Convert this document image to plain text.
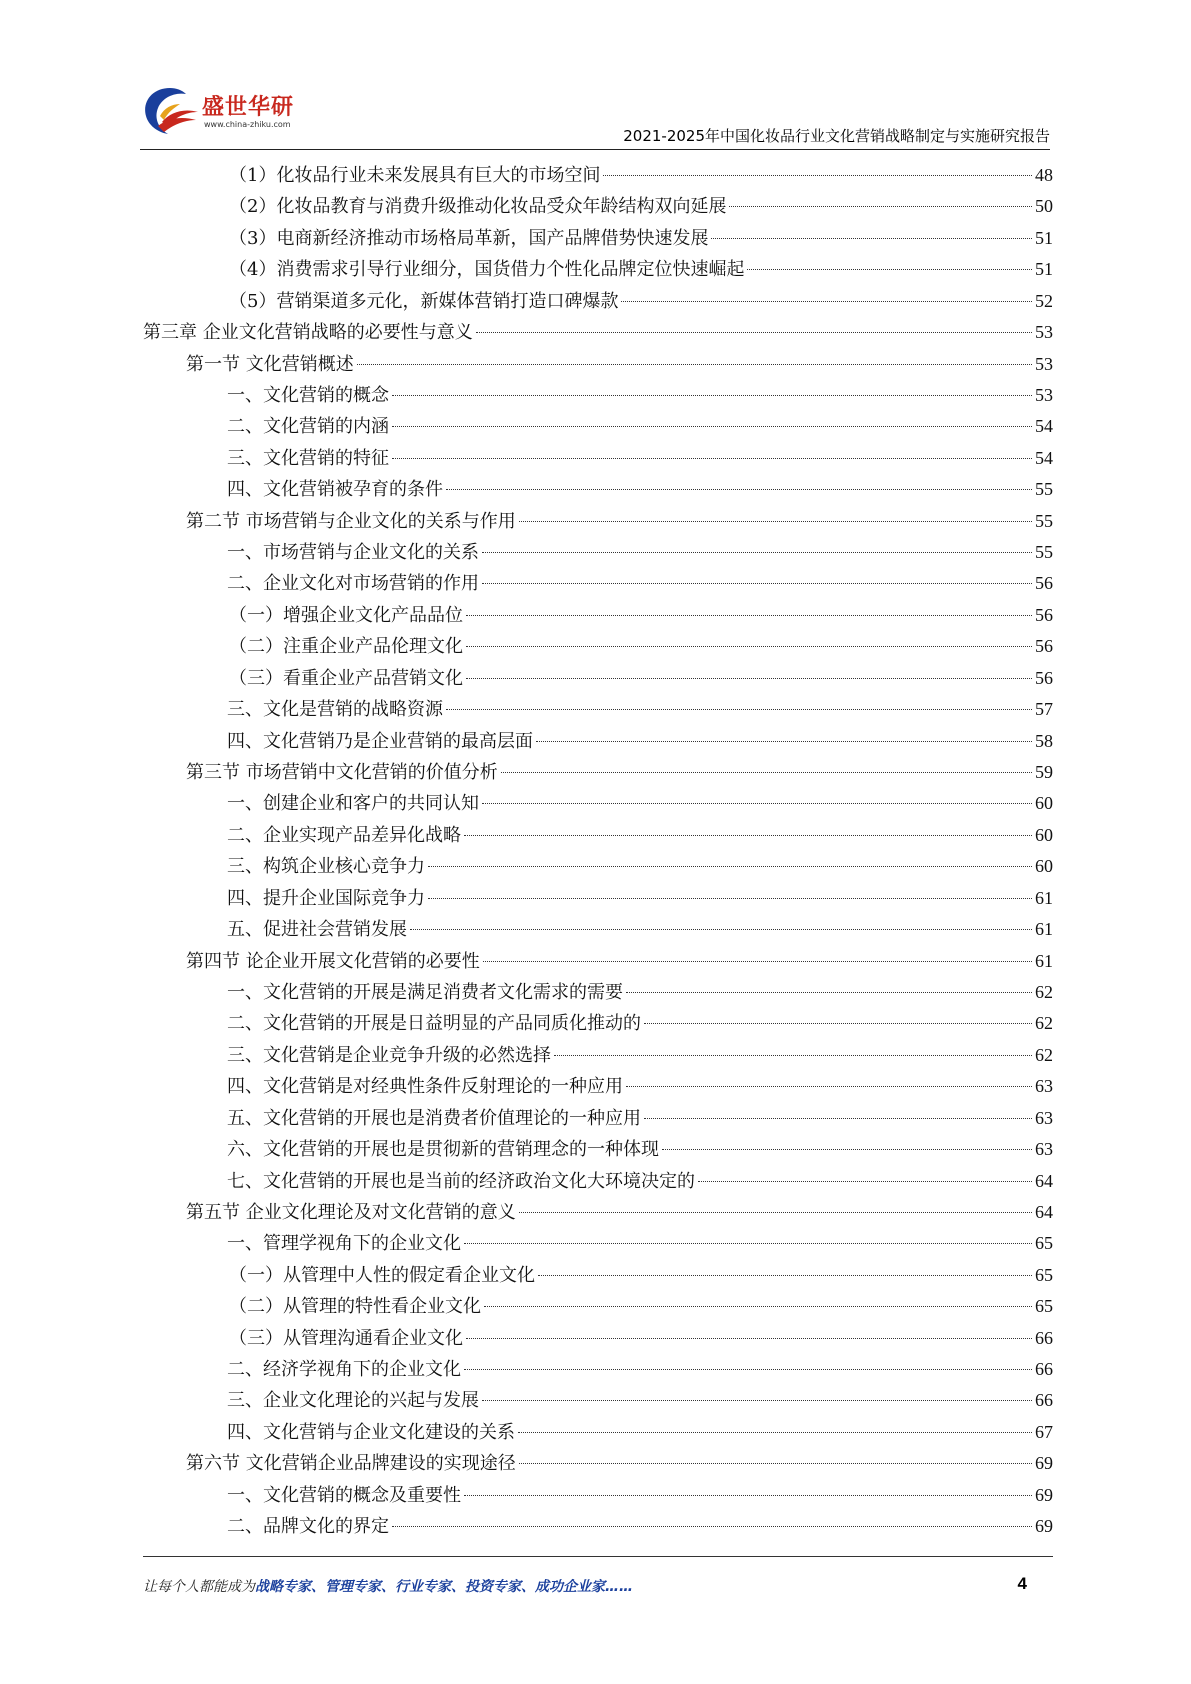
盛世华研
www.china-zhiku.com
2021-2025年中国化妆品行业文化营销战略制定与实施研究报告
（1）化妆品行业未来发展具有巨大的市场空间	48
（2）化妆品教育与消费升级推动化妆品受众年龄结构双向延展	50
（3）电商新经济推动市场格局革新，国产品牌借势快速发展	51
（4）消费需求引导行业细分，国货借力个性化品牌定位快速崛起	51
（5）营销渠道多元化，新媒体营销打造口碑爆款	52
第三章 企业文化营销战略的必要性与意义	53
第一节 文化营销概述	53
一、文化营销的概念	53
二、文化营销的内涵	54
三、文化营销的特征	54
四、文化营销被孕育的条件	55
第二节 市场营销与企业文化的关系与作用	55
一、市场营销与企业文化的关系	55
二、企业文化对市场营销的作用	56
（一）增强企业文化产品品位	56
（二）注重企业产品伦理文化	56
（三）看重企业产品营销文化	56
三、文化是营销的战略资源	57
四、文化营销乃是企业营销的最高层面	58
第三节 市场营销中文化营销的价值分析	59
一、创建企业和客户的共同认知	60
二、企业实现产品差异化战略	60
三、构筑企业核心竞争力	60
四、提升企业国际竞争力	61
五、促进社会营销发展	61
第四节 论企业开展文化营销的必要性	61
一、文化营销的开展是满足消费者文化需求的需要	62
二、文化营销的开展是日益明显的产品同质化推动的	62
三、文化营销是企业竞争升级的必然选择	62
四、文化营销是对经典性条件反射理论的一种应用	63
五、文化营销的开展也是消费者价值理论的一种应用	63
六、文化营销的开展也是贯彻新的营销理念的一种体现	63
七、文化营销的开展也是当前的经济政治文化大环境决定的	64
第五节 企业文化理论及对文化营销的意义	64
一、管理学视角下的企业文化	65
（一）从管理中人性的假定看企业文化	65
（二）从管理的特性看企业文化	65
（三）从管理沟通看企业文化	66
二、经济学视角下的企业文化	66
三、企业文化理论的兴起与发展	66
四、文化营销与企业文化建设的关系	67
第六节 文化营销企业品牌建设的实现途径	69
一、文化营销的概念及重要性	69
二、品牌文化的界定	69
让每个人都能成为战略专家、管理专家、行业专家、投资专家、成功企业家……	4
